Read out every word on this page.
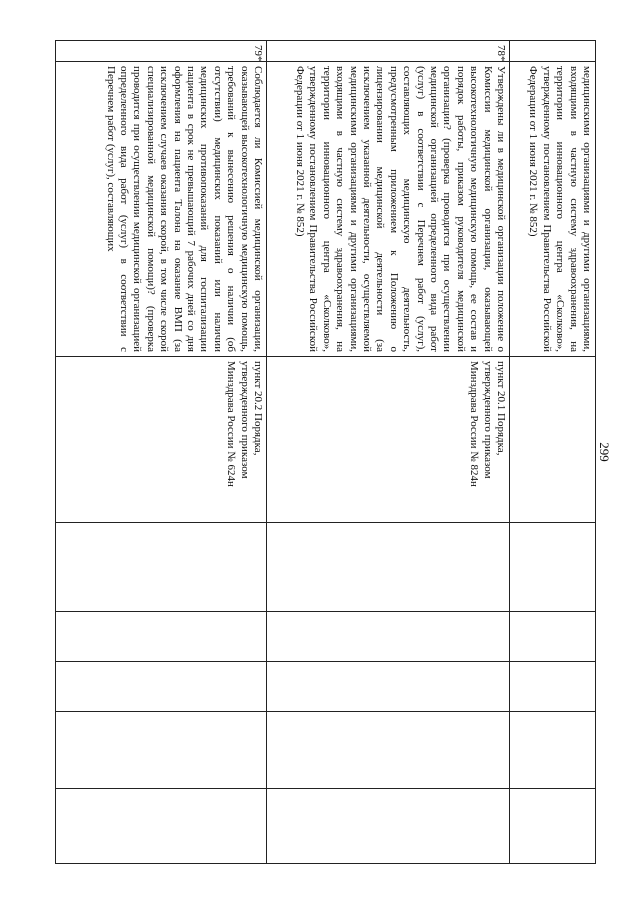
299
	медицинскими организациями и другими организациями, входящими в частную систему здравоохранения, на территории инновационного центра «Сколково», утвержденному постановлением Правительства Российской Федерации от 1 июня 2021 г. № 852)						
78*	Утверждены ли в медицинской организации положение о Комиссии медицинской организации, оказывающей высокотехнологичную медицинскую помощь, ее состав и порядок работы, приказом руководителя медицинской организации? (проверка проводится при осуществлении медицинской организацией определенного вида работ (услуг) в соответствии с Перечнем работ (услуг), составляющих медицинскую деятельность, предусмотренным приложением к Положению о лицензировании медицинской деятельности (за исключением указанной деятельности, осуществляемой медицинскими организациями и другими организациями, входящими в частную систему здравоохранения, на территории инновационного центра «Сколково», утвержденному постановлением Правительства Российской Федерации от 1 июня 2021 г. № 852)	пункт 20.1 Порядка, утвержденного приказом Минздрава России № 824н					
79*	Соблюдается ли Комиссией медицинской организации, оказывающей высокотехнологичную медицинскую помощь, требований к вынесению решения о наличии (об отсутствии) медицинских показаний или наличии медицинских противопоказаний для госпитализации пациента в срок не превышающий 7 рабочих дней со дня оформления на пациента Талона на оказание ВМП (за исключением случаев оказания скорой, в том числе скорой специализированной медицинской помощи)? (проверка проводится при осуществлении медицинской организацией определенного вида работ (услуг) в соответствии с Перечнем работ (услуг), составляющих	пункт 20.2 Порядка, утвержденного приказом Минздрава России № 624н					
